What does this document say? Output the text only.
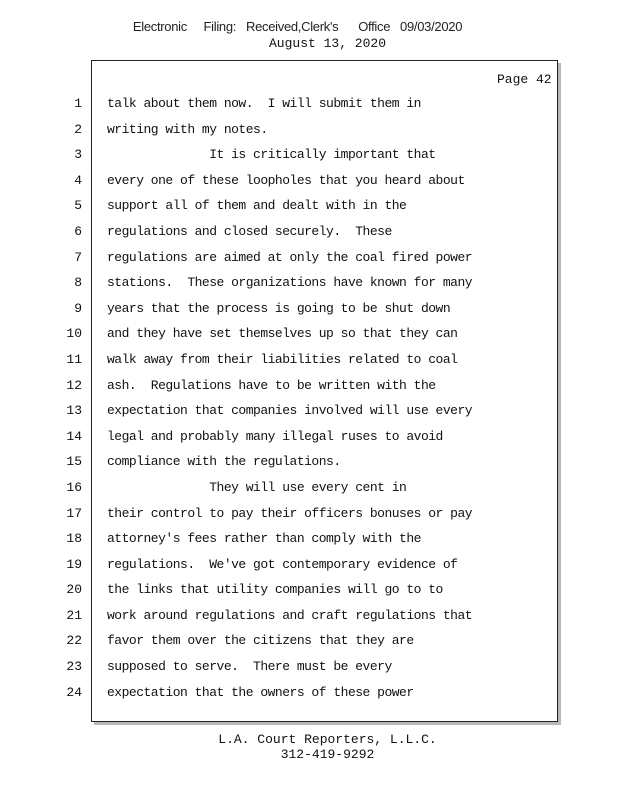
Electronic     Filing:   Received,Clerk's      Office   09/03/2020
August 13, 2020
Page 42
1 talk about them now.  I will submit them in
2 writing with my notes.
3 It is critically important that
4 every one of these loopholes that you heard about
5 support all of them and dealt with in the
6 regulations and closed securely.  These
7 regulations are aimed at only the coal fired power
8 stations.  These organizations have known for many
9 years that the process is going to be shut down
10 and they have set themselves up so that they can
11 walk away from their liabilities related to coal
12 ash.  Regulations have to be written with the
13 expectation that companies involved will use every
14 legal and probably many illegal ruses to avoid
15 compliance with the regulations.
16 They will use every cent in
17 their control to pay their officers bonuses or pay
18 attorney's fees rather than comply with the
19 regulations.  We've got contemporary evidence of
20 the links that utility companies will go to to
21 work around regulations and craft regulations that
22 favor them over the citizens that they are
23 supposed to serve.  There must be every
24 expectation that the owners of these power
L.A. Court Reporters, L.L.C.
312-419-9292
